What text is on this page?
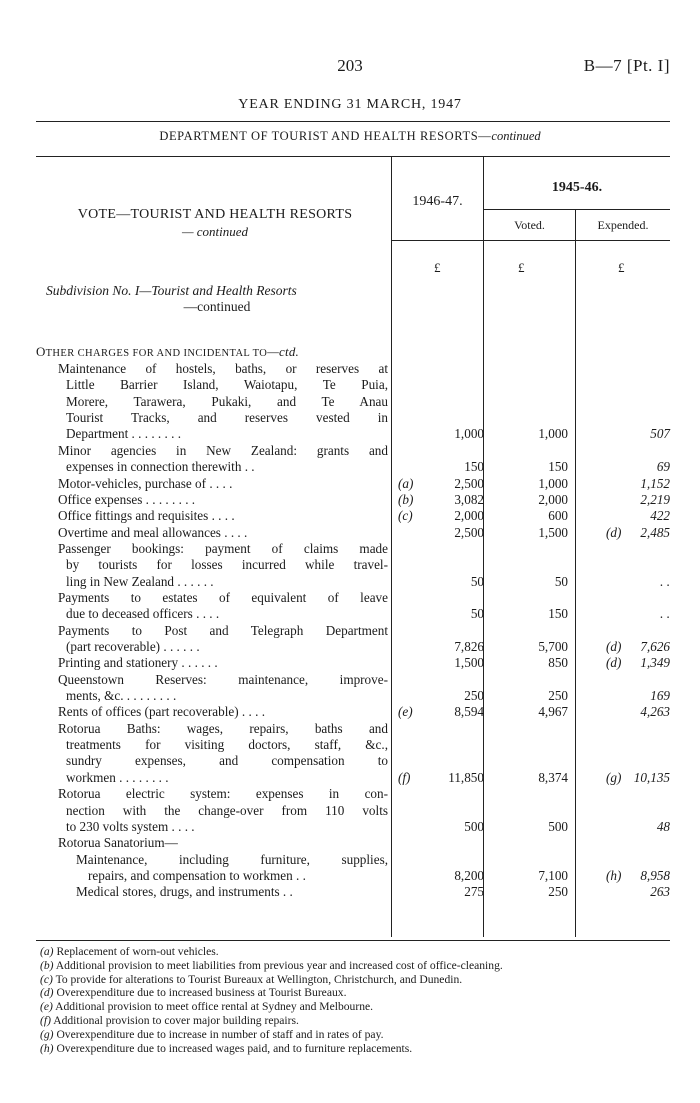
203	B—7 [Pt. I]
YEAR ENDING 31 MARCH, 1947
DEPARTMENT OF TOURIST AND HEALTH RESORTS—continued
1946-47.
1945-46.
Voted.	Expended.
VOTE—TOURIST AND HEALTH RESORTS
— continued
£	£	£
Subdivision No. I—Tourist and Health Resorts
—continued
OTHER CHARGES FOR AND INCIDENTAL TO—ctd.
Maintenance of hostels, baths, or reserves at
Little Barrier Island, Waiotapu, Te Puia,
Morere, Tarawera, Pukaki, and Te Anau
Tourist Tracks, and reserves vested in
Department . . . . . . . .	1,000	1,000	507
Minor agencies in New Zealand: grants and
expenses in connection therewith . .	150	150	69
Motor-vehicles, purchase of . . . .	(a)	2,500	1,000	1,152
Office expenses . . . . . . . .	(b)	3,082	2,000	2,219
Office fittings and requisites . . . .	(c)	2,000	600	422
Overtime and meal allowances . . . .	2,500	1,500	(d)	2,485
Passenger bookings: payment of claims made
by tourists for losses incurred while travel-
ling in New Zealand . . . . . .	50	50	. .
Payments to estates of equivalent of leave
due to deceased officers . . . .	50	150	. .
Payments to Post and Telegraph Department
(part recoverable) . . . . . .	7,826	5,700	(d)	7,626
Printing and stationery . . . . . .	1,500	850	(d)	1,349
Queenstown Reserves: maintenance, improve-
ments, &c. . . . . . . . .	250	250	169
Rents of offices (part recoverable) . . . .	(e)	8,594	4,967	4,263
Rotorua Baths: wages, repairs, baths and
treatments for visiting doctors, staff, &c.,
sundry expenses, and compensation to
workmen . . . . . . . .	(f)	11,850	8,374	(g) 10,135
Rotorua electric system: expenses in con-
nection with the change-over from 110 volts
to 230 volts system . . . .	500	500	48
Rotorua Sanatorium—
Maintenance, including furniture, supplies,
repairs, and compensation to workmen . .	8,200	7,100	(h)	8,958
Medical stores, drugs, and instruments . .	275	250	263
(a) Replacement of worn-out vehicles.
(b) Additional provision to meet liabilities from previous year and increased cost of office-cleaning.
(c) To provide for alterations to Tourist Bureaux at Wellington, Christchurch, and Dunedin.
(d) Overexpenditure due to increased business at Tourist Bureaux.
(e) Additional provision to meet office rental at Sydney and Melbourne.
(f) Additional provision to cover major building repairs.
(g) Overexpenditure due to increase in number of staff and in rates of pay.
(h) Overexpenditure due to increased wages paid, and to furniture replacements.
